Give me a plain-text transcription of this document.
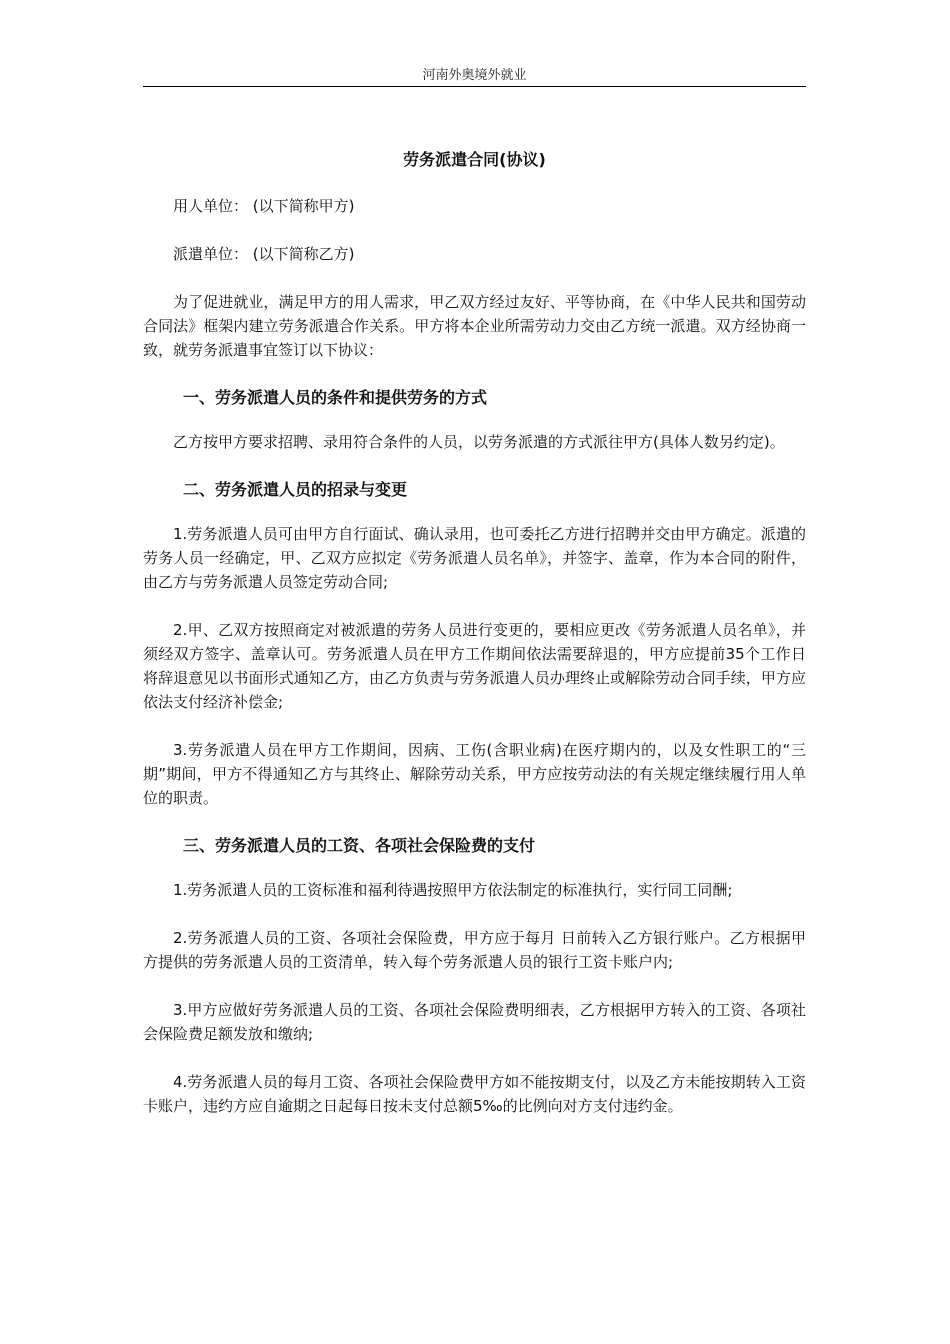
河南外奥境外就业
劳务派遣合同(协议)
用人单位： (以下简称甲方)
派遣单位： (以下简称乙方)
为了促进就业，满足甲方的用人需求，甲乙双方经过友好、平等协商，在《中华人民共和国劳动合同法》框架内建立劳务派遣合作关系。甲方将本企业所需劳动力交由乙方统一派遣。双方经协商一致，就劳务派遣事宜签订以下协议：
一、劳务派遣人员的条件和提供劳务的方式
乙方按甲方要求招聘、录用符合条件的人员，以劳务派遣的方式派往甲方(具体人数另约定)。
二、劳务派遣人员的招录与变更
1.劳务派遣人员可由甲方自行面试、确认录用，也可委托乙方进行招聘并交由甲方确定。派遣的劳务人员一经确定，甲、乙双方应拟定《劳务派遣人员名单》，并签字、盖章，作为本合同的附件，由乙方与劳务派遣人员签定劳动合同;
2.甲、乙双方按照商定对被派遣的劳务人员进行变更的，要相应更改《劳务派遣人员名单》，并须经双方签字、盖章认可。劳务派遣人员在甲方工作期间依法需要辞退的，甲方应提前35个工作日将辞退意见以书面形式通知乙方，由乙方负责与劳务派遣人员办理终止或解除劳动合同手续，甲方应依法支付经济补偿金;
3.劳务派遣人员在甲方工作期间，因病、工伤(含职业病)在医疗期内的，以及女性职工的“三期”期间，甲方不得通知乙方与其终止、解除劳动关系，甲方应按劳动法的有关规定继续履行用人单位的职责。
三、劳务派遣人员的工资、各项社会保险费的支付
1.劳务派遣人员的工资标准和福利待遇按照甲方依法制定的标准执行，实行同工同酬;
2.劳务派遣人员的工资、各项社会保险费，甲方应于每月 日前转入乙方银行账户。乙方根据甲方提供的劳务派遣人员的工资清单，转入每个劳务派遣人员的银行工资卡账户内;
3.甲方应做好劳务派遣人员的工资、各项社会保险费明细表，乙方根据甲方转入的工资、各项社会保险费足额发放和缴纳;
4.劳务派遣人员的每月工资、各项社会保险费甲方如不能按期支付，以及乙方未能按期转入工资卡账户，违约方应自逾期之日起每日按未支付总额5‰的比例向对方支付违约金。
